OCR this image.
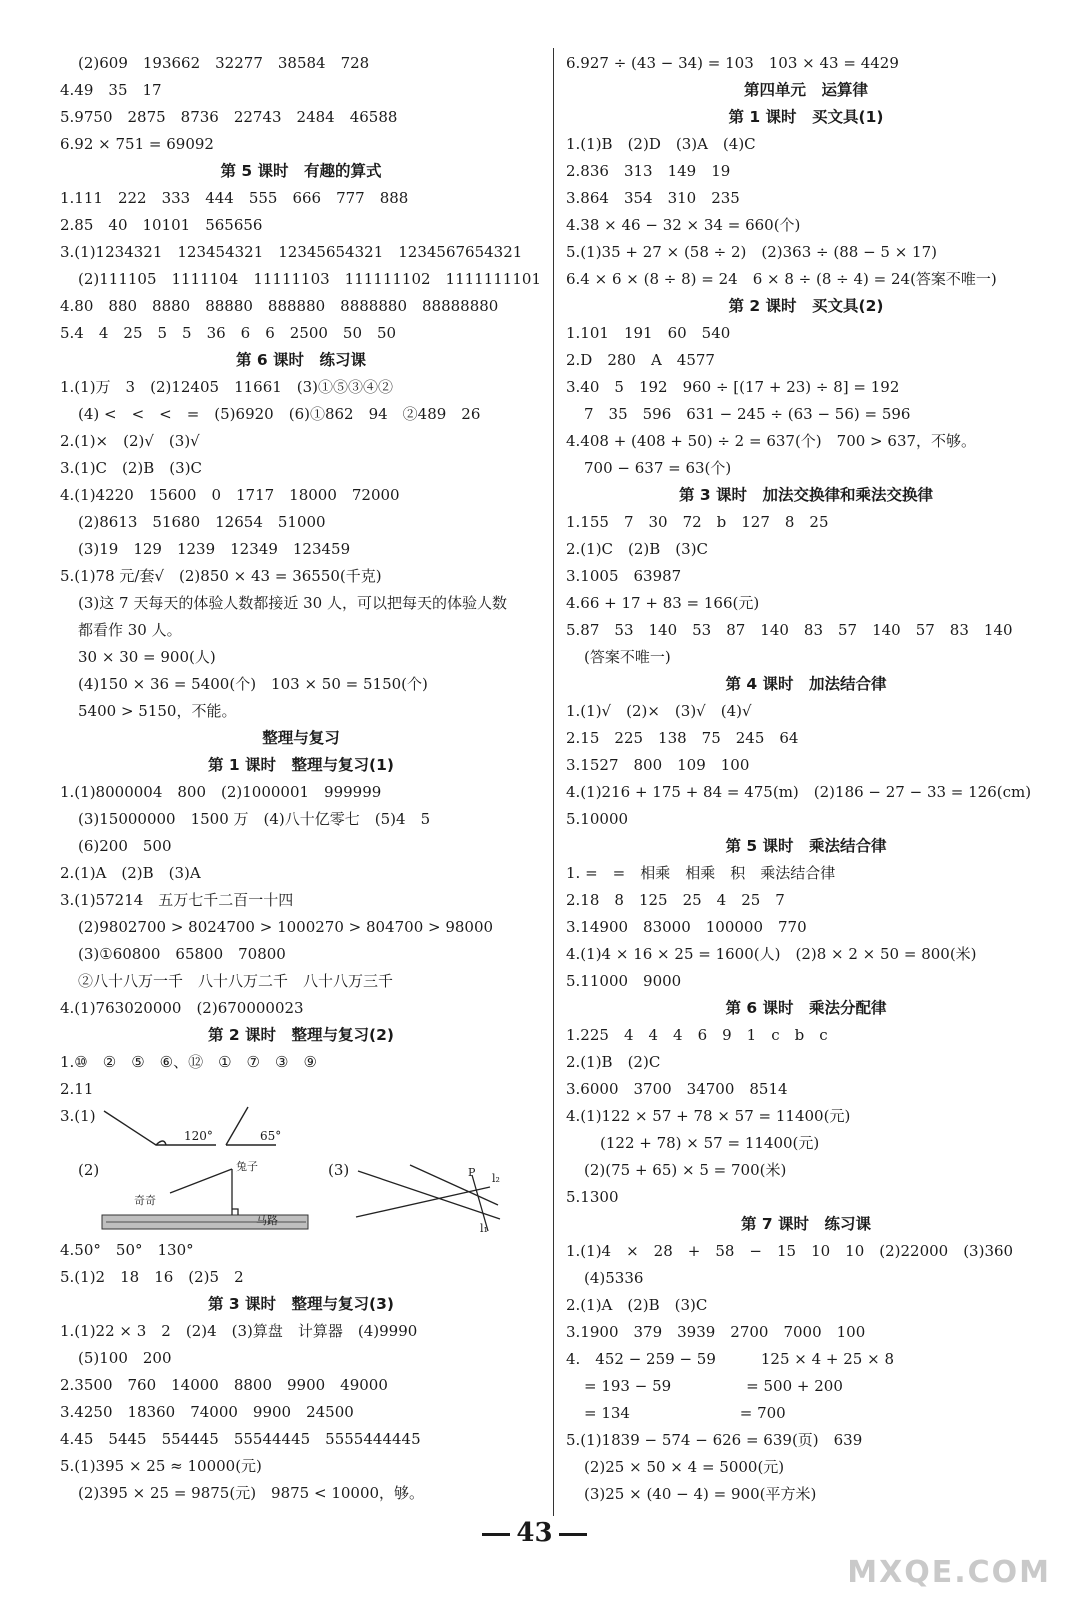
(2)609　193662　32277　38584　728
4.49　35　17
5.9750　2875　8736　22743　2484　46588
6.92 × 751 = 69092
第 5 课时　有趣的算式
1.111　222　333　444　555　666　777　888
2.85　40　10101　565656
3.(1)1234321　123454321　12345654321　1234567654321
(2)111105　1111104　11111103　111111102　1111111101
4.80　880　8880　88880　888880　8888880　88888880
5.4　4　25　5　5　36　6　6　2500　50　50
第 6 课时　练习课
1.(1)万　3　(2)12405　11661　(3)①⑤③④②
(4) <　<　<　=　(5)6920　(6)①862　94　②489　26
2.(1)×　(2)√　(3)√
3.(1)C　(2)B　(3)C
4.(1)4220　15600　0　1717　18000　72000
(2)8613　51680　12654　51000
(3)19　129　1239　12349　123459
5.(1)78 元/套√　(2)850 × 43 = 36550(千克)
(3)这 7 天每天的体验人数都接近 30 人，可以把每天的体验人数
都看作 30 人。
30 × 30 = 900(人)
(4)150 × 36 = 5400(个)　103 × 50 = 5150(个)
5400 > 5150，不能。
整理与复习
第 1 课时　整理与复习(1)
1.(1)8000004　800　(2)1000001　999999
(3)15000000　1500 万　(4)八十亿零七　(5)4　5
(6)200　500
2.(1)A　(2)B　(3)A
3.(1)57214　五万七千二百一十四
(2)9802700 > 8024700 > 1000270 > 804700 > 98000
(3)①60800　65800　70800
②八十八万一千　八十八万二千　八十八万三千
4.(1)763020000　(2)670000023
第 2 课时　整理与复习(2)
1.⑩　②　⑤　⑥、⑫　①　⑦　③　⑨
2.11
3.(1)
120°	65°
(2)	(3)
奇奇
兔子
马路
P l₂
l₁
4.50°　50°　130°
5.(1)2　18　16　(2)5　2
第 3 课时　整理与复习(3)
1.(1)22 × 3　2　(2)4　(3)算盘　计算器　(4)9990
(5)100　200
2.3500　760　14000　8800　9900　49000
3.4250　18360　74000　9900　24500
4.45　5445　554445　55544445　5555444445
5.(1)395 × 25 ≈ 10000(元)
(2)395 × 25 = 9875(元)　9875 < 10000，够。
6.927 ÷ (43 − 34) = 103　103 × 43 = 4429
第四单元　运算律
第 1 课时　买文具(1)
1.(1)B　(2)D　(3)A　(4)C
2.836　313　149　19
3.864　354　310　235
4.38 × 46 − 32 × 34 = 660(个)
5.(1)35 + 27 × (58 ÷ 2)　(2)363 ÷ (88 − 5 × 17)
6.4 × 6 × (8 ÷ 8) = 24　6 × 8 ÷ (8 ÷ 4) = 24(答案不唯一)
第 2 课时　买文具(2)
1.101　191　60　540
2.D　280　A　4577
3.40　5　192　960 ÷ [(17 + 23) ÷ 8] = 192
7　35　596　631 − 245 ÷ (63 − 56) = 596
4.408 + (408 + 50) ÷ 2 = 637(个)　700 > 637，不够。
700 − 637 = 63(个)
第 3 课时　加法交换律和乘法交换律
1.155　7　30　72　b　127　8　25
2.(1)C　(2)B　(3)C
3.1005　63987
4.66 + 17 + 83 = 166(元)
5.87　53　140　53　87　140　83　57　140　57　83　140
(答案不唯一)
第 4 课时　加法结合律
1.(1)√　(2)×　(3)√　(4)√
2.15　225　138　75　245　64
3.1527　800　109　100
4.(1)216 + 175 + 84 = 475(m)　(2)186 − 27 − 33 = 126(cm)
5.10000
第 5 课时　乘法结合律
1. =　=　相乘　相乘　积　乘法结合律
2.18　8　125　25　4　25　7
3.14900　83000　100000　770
4.(1)4 × 16 × 25 = 1600(人)　(2)8 × 2 × 50 = 800(米)
5.11000　9000
第 6 课时　乘法分配律
1.225　4　4　4　6　9　1　c　b　c
2.(1)B　(2)C
3.6000　3700　34700　8514
4.(1)122 × 57 + 78 × 57 = 11400(元)
(122 + 78) × 57 = 11400(元)
(2)(75 + 65) × 5 = 700(米)
5.1300
第 7 课时　练习课
1.(1)4　×　28　+　58　−　15　10　10　(2)22000　(3)360
(4)5336
2.(1)A　(2)B　(3)C
3.1900　379　3939　2700　7000　100
4.　452 − 259 − 59　　　125 × 4 + 25 × 8
= 193 − 59　　　　　= 500 + 200
= 134　　　　　　　 = 700
5.(1)1839 − 574 − 626 = 639(页)　639
(2)25 × 50 × 4 = 5000(元)
(3)25 × (40 − 4) = 900(平方米)
43
MXQE.COM
